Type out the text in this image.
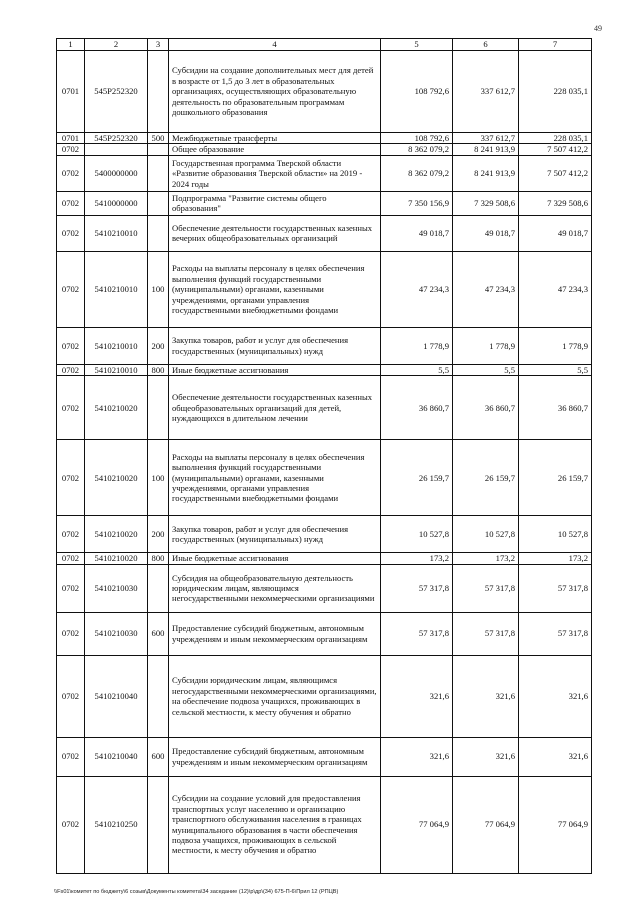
49
1	2	3	4	5	6	7
0701	545P252320		Субсидии на создание дополнительных мест для детей в возрасте от 1,5 до 3 лет в образовательных организациях, осуществляющих образовательную деятельность по образовательным программам дошкольного образования	108 792,6	337 612,7	228 035,1
0701	545P252320	500	Межбюджетные трансферты	108 792,6	337 612,7	228 035,1
0702			Общее образование	8 362 079,2	8 241 913,9	7 507 412,2
0702	5400000000		Государственная программа Тверской области «Развитие образования Тверской области» на 2019 - 2024 годы	8 362 079,2	8 241 913,9	7 507 412,2
0702	5410000000		Подпрограмма "Развитие системы общего образования"	7 350 156,9	7 329 508,6	7 329 508,6
0702	5410210010		Обеспечение деятельности государственных казенных вечерних общеобразовательных организаций	49 018,7	49 018,7	49 018,7
0702	5410210010	100	Расходы на выплаты персоналу в целях обеспечения выполнения функций государственными (муниципальными) органами, казенными учреждениями, органами управления государственными внебюджетными фондами	47 234,3	47 234,3	47 234,3
0702	5410210010	200	Закупка товаров, работ и услуг для обеспечения государственных (муниципальных) нужд	1 778,9	1 778,9	1 778,9
0702	5410210010	800	Иные бюджетные ассигнования	5,5	5,5	5,5
0702	5410210020		Обеспечение деятельности государственных казенных общеобразовательных организаций для детей, нуждающихся в длительном лечении	36 860,7	36 860,7	36 860,7
0702	5410210020	100	Расходы на выплаты персоналу в целях обеспечения выполнения функций государственными (муниципальными) органами, казенными учреждениями, органами управления государственными внебюджетными фондами	26 159,7	26 159,7	26 159,7
0702	5410210020	200	Закупка товаров, работ и услуг для обеспечения государственных (муниципальных) нужд	10 527,8	10 527,8	10 527,8
0702	5410210020	800	Иные бюджетные ассигнования	173,2	173,2	173,2
0702	5410210030		Субсидия на общеобразовательную деятельность юридическим лицам, являющимся негосударственными некоммерческими организациями	57 317,8	57 317,8	57 317,8
0702	5410210030	600	Предоставление субсидий бюджетным, автономным учреждениям и иным некоммерческим организациям	57 317,8	57 317,8	57 317,8
0702	5410210040		Субсидии юридическим лицам, являющимся негосударственными некоммерческими организациями, на обеспечение подвоза учащихся, проживающих в сельской местности, к месту обучения и обратно	321,6	321,6	321,6
0702	5410210040	600	Предоставление субсидий бюджетным, автономным учреждениям и иным некоммерческим организациям	321,6	321,6	321,6
0702	5410210250		Субсидии на создание условий для предоставления транспортных услуг населению и организацию транспортного обслуживания населения в границах муниципального образования в части обеспечения подвоза учащихся, проживающих в сельской местности, к месту обучения и обратно	77 064,9	77 064,9	77 064,9
\\Fs01\комитет по бюджету\6 созыв\Документы комитета\34 заседание (12)\р\др\(34) 675-П-6\Прил 12 (РПЦВ)
